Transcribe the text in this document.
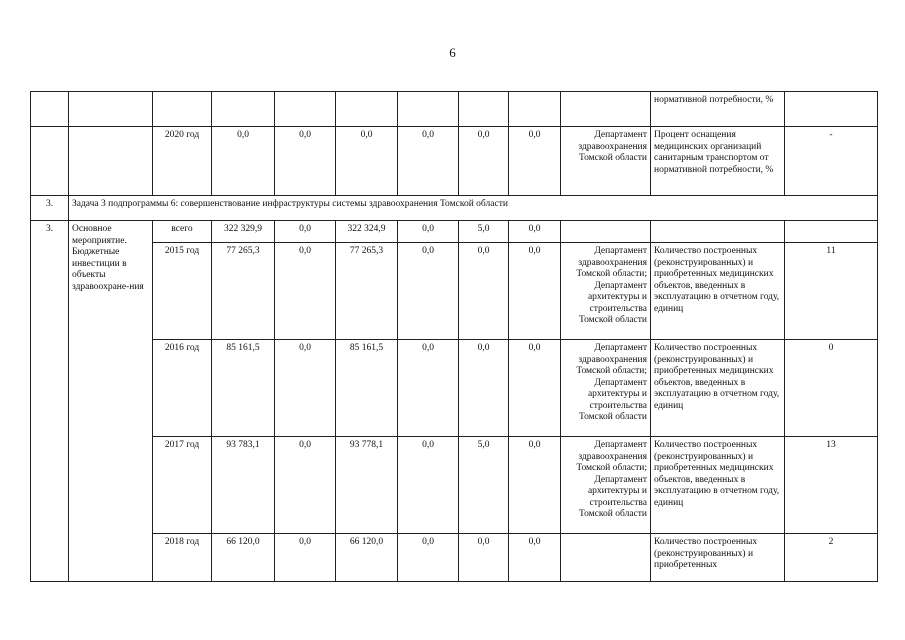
6
										нормативной потребности, %	
		2020 год	0,0	0,0	0,0	0,0	0,0	0,0	Департамент здравоохранения Томской области	Процент оснащения медицинских организаций санитарным транспортом от нормативной потребности, %	-
3.	Задача 3 подпрограммы 6: совершенствование инфраструктуры системы здравоохранения Томской области										
3.	Основное мероприятие. Бюджетные инвестиции в объекты здравоохране-ния	всего	322 329,9	0,0	322 324,9	0,0	5,0	0,0			
		2015 год	77 265,3	0,0	77 265,3	0,0	0,0	0,0	Департамент здравоохранения Томской области; Департамент архитектуры и строительства Томской области	Количество построенных (реконструированных) и приобретенных медицинских объектов, введенных в эксплуатацию в отчетном году, единиц	11
		2016 год	85 161,5	0,0	85 161,5	0,0	0,0	0,0	Департамент здравоохранения Томской области; Департамент архитектуры и строительства Томской области	Количество построенных (реконструированных) и приобретенных медицинских объектов, введенных в эксплуатацию в отчетном году, единиц	0
		2017 год	93 783,1	0,0	93 778,1	0,0	5,0	0,0	Департамент здравоохранения Томской области; Департамент архитектуры и строительства Томской области	Количество построенных (реконструированных) и приобретенных медицинских объектов, введенных в эксплуатацию в отчетном году, единиц	13
		2018 год	66 120,0	0,0	66 120,0	0,0	0,0	0,0		Количество построенных (реконструированных) и приобретенных	2
